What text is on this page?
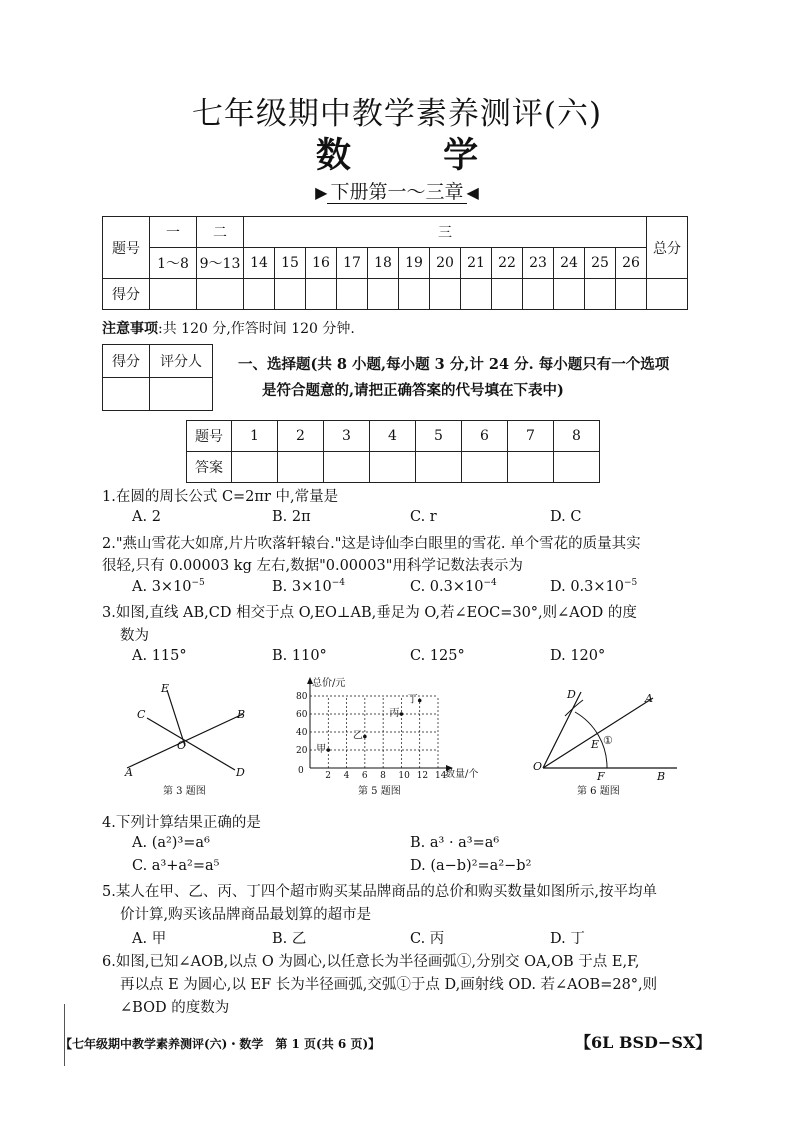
七年级期中教学素养测评(六)
数 学
▶ 下册第一～三章 ◀
题号	一	二	三													总分
	1～8	9～13	14	15	16	17	18	19	20	21	22	23	24	25	26	
得分																
注意事项:共 120 分,作答时间 120 分钟.
得分	评分人
	一、选择题(共 8 小题,每小题 3 分,计 24 分. 每小题只有一个选项
是符合题意的,请把正确答案的代号填在下表中)
题号	1	2	3	4	5	6	7	8
答案								
1.在圆的周长公式 C=2πr 中,常量是
A. 2	B. 2π	C. r	D. C
2."燕山雪花大如席,片片吹落轩辕台."这是诗仙李白眼里的雪花. 单个雪花的质量其实
很轻,只有 0.00003 kg 左右,数据"0.00003"用科学记数法表示为
A. $3\times 10^{-5}$	B. $3\times 10^{-4}$	C. $0.3\times 10^{-4}$	D. $0.3\times 10^{-5}$
3.如图,直线 AB,CD 相交于点 O,EO⊥AB,垂足为 O,若∠EOC=30°,则∠AOD 的度
数为
A. 115°	B. 110°	C. 125°	D. 120°
E
C	B
O
A	D
第 3 题图
总价/元
数量/个
0 2 4 6 8 10 12 14
20
40
60
80
甲
乙
丙
丁
第 5 题图
D	A
E ①
O
F	B
第 6 题图
4.下列计算结果正确的是
A. (a²)³=a⁶	B. a³ · a³=a⁶
C. a³+a²=a⁵	D. (a−b)²=a²−b²
5.某人在甲、乙、丙、丁四个超市购买某品牌商品的总价和购买数量如图所示,按平均单
价计算,购买该品牌商品最划算的超市是
A. 甲	B. 乙	C. 丙	D. 丁
6.如图,已知∠AOB,以点 O 为圆心,以任意长为半径画弧①,分别交 OA,OB 于点 E,F,
再以点 E 为圆心,以 EF 长为半径画弧,交弧①于点 D,画射线 OD. 若∠AOB=28°,则
∠BOD 的度数为
【七年级期中教学素养测评(六)・数学　第 1 页(共 6 页)】	【6L BSD−SX】
